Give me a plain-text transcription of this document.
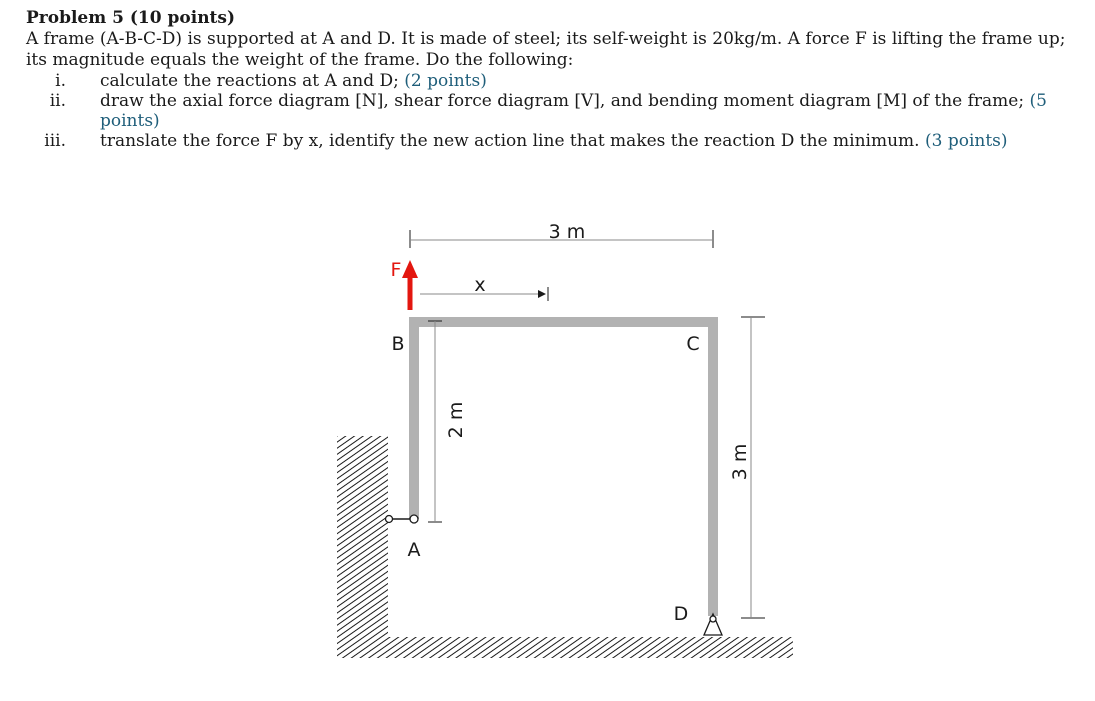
Problem 5 (10 points)

A frame (A-B-C-D) is supported at A and D. It is made of steel; its self-weight is 20kg/m. A force F is lifting the frame up; its magnitude equals the weight of the frame. Do the following:

i. calculate the reactions at A and D; (2 points)
ii. draw the axial force diagram [N], shear force diagram [V], and bending moment diagram [M] of the frame; (5 points)
iii. translate the force F by x, identify the new action line that makes the reaction D the minimum. (3 points)
3 m
x
2 m
3 m
F
B	C
A
D
